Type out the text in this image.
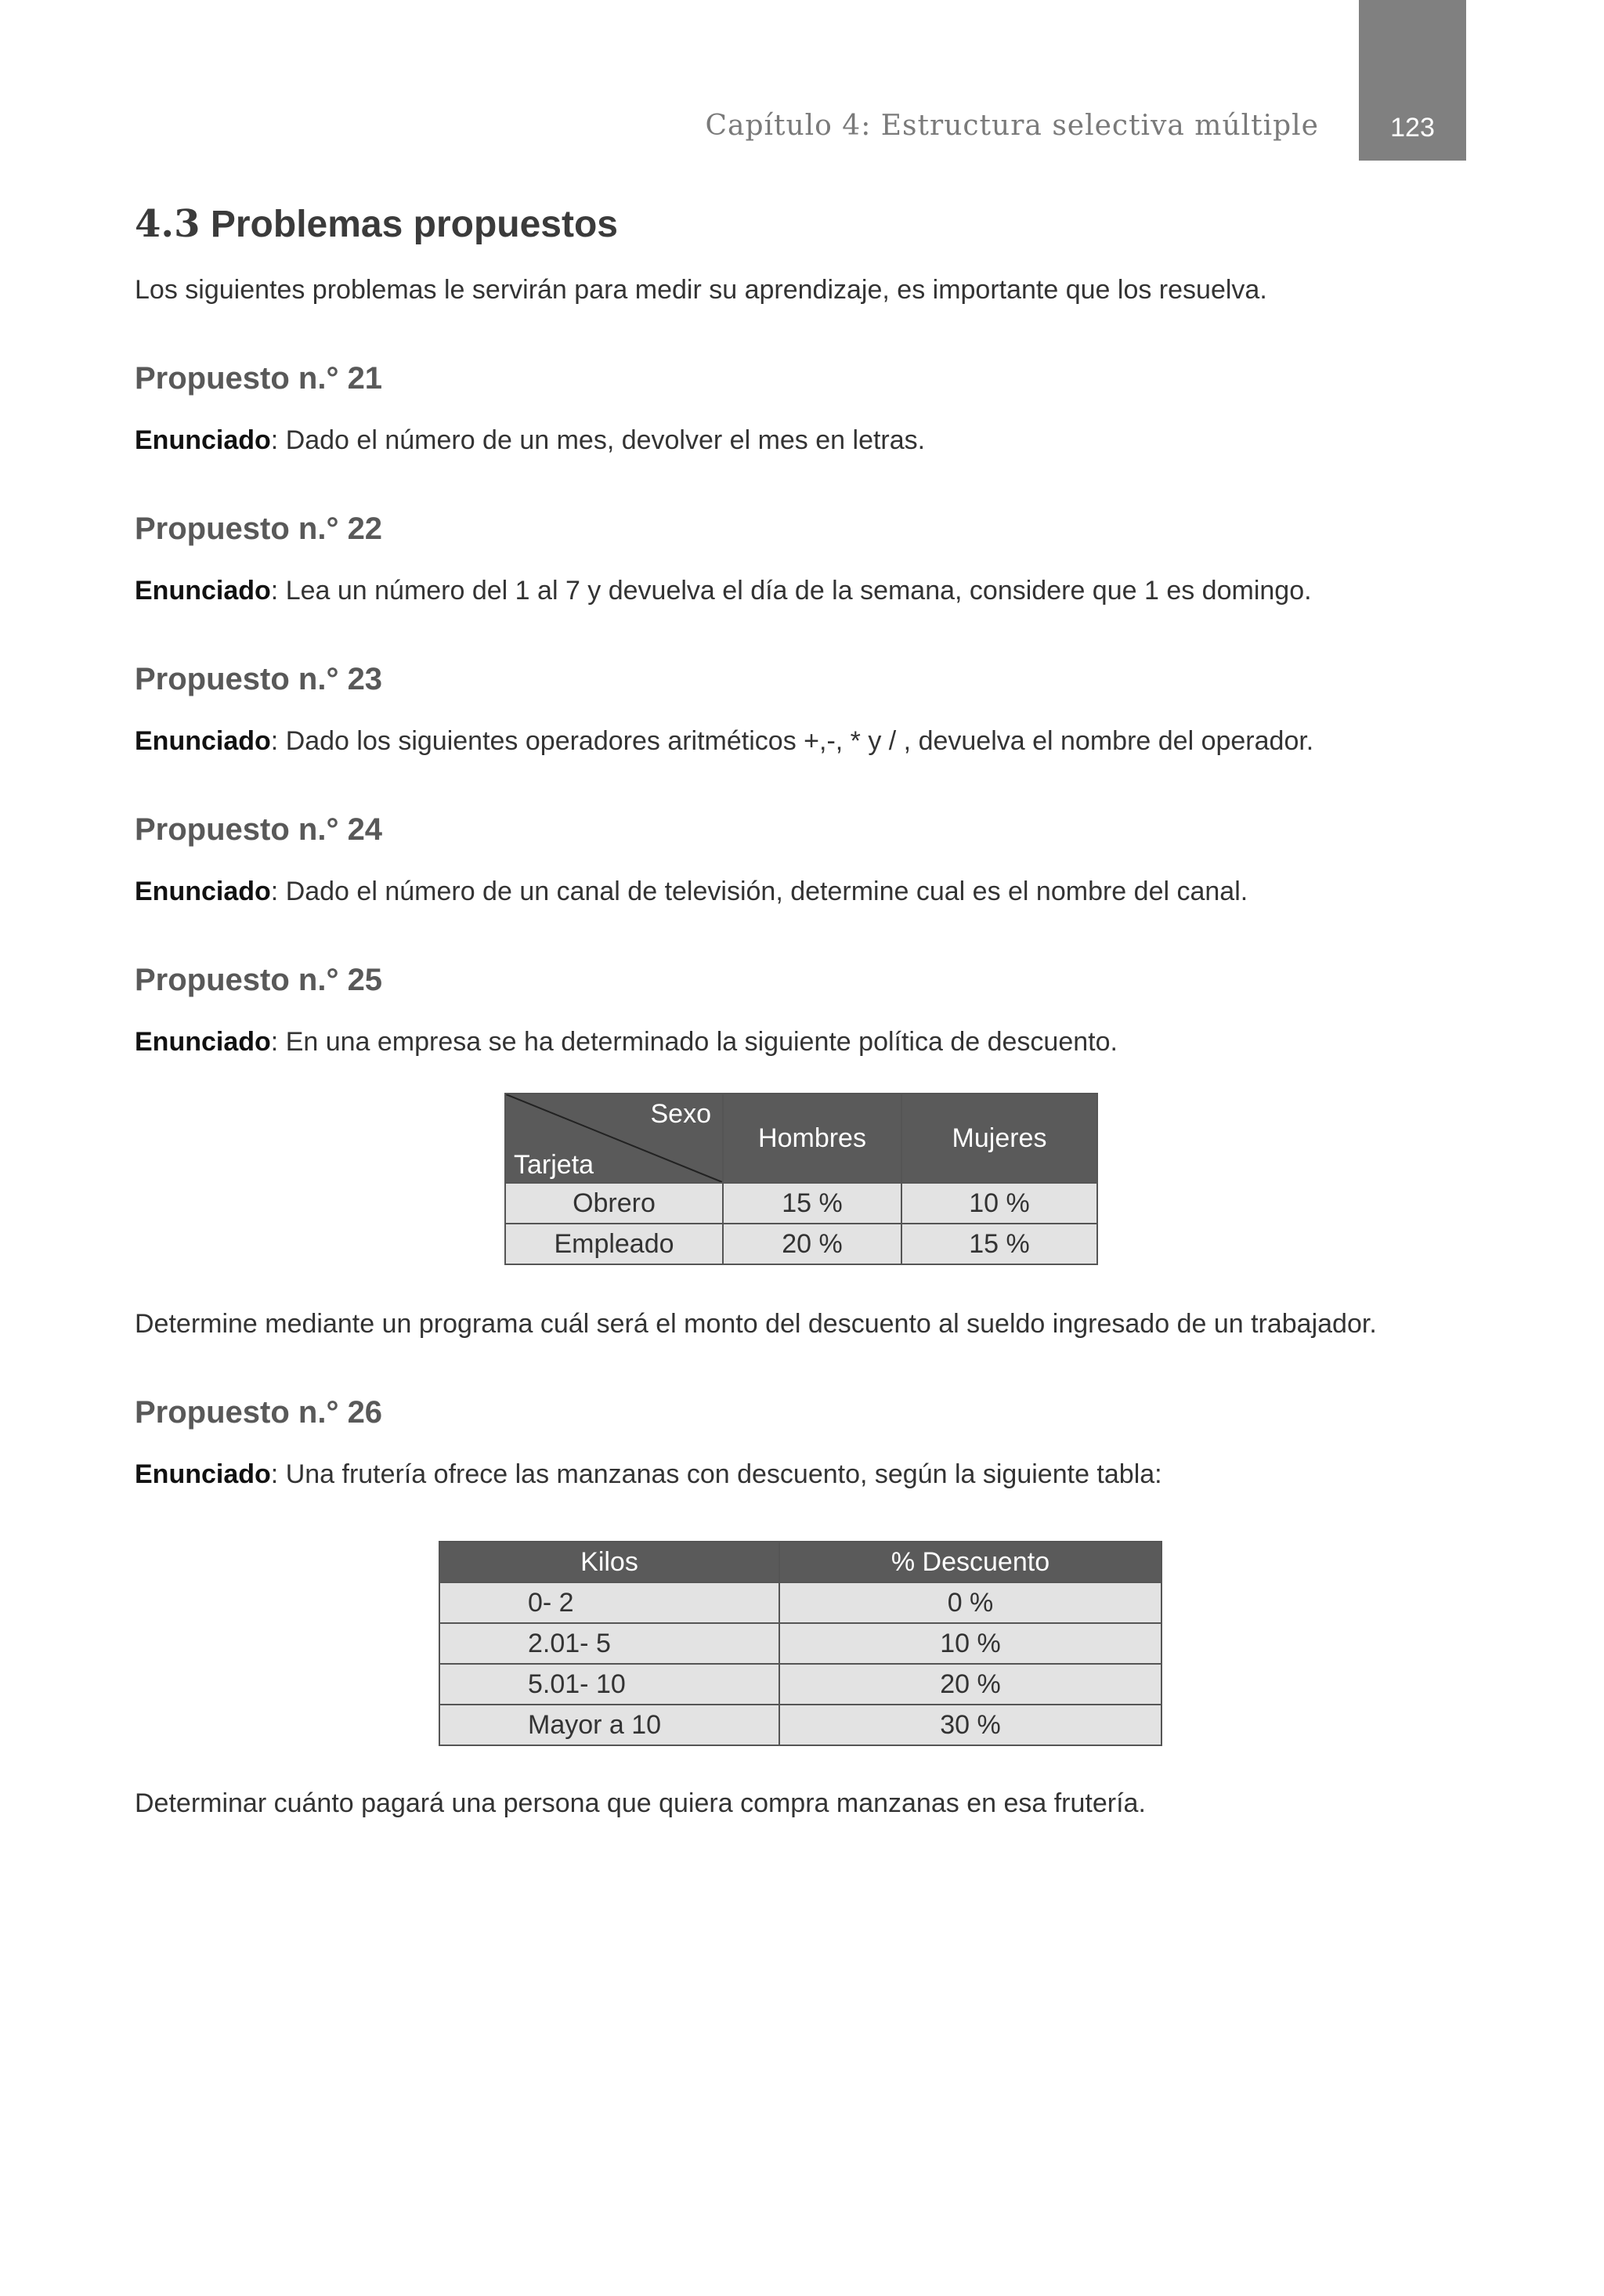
Capítulo 4: Estructura selectiva múltiple	123
4.3 Problemas propuestos

Los siguientes problemas le servirán para medir su aprendizaje, es importante que los resuelva.

Propuesto n.° 21

Enunciado: Dado el número de un mes, devolver el mes en letras.

Propuesto n.° 22

Enunciado: Lea un número del 1 al 7 y devuelva el día de la semana, considere que 1 es domingo.

Propuesto n.° 23

Enunciado: Dado los siguientes operadores aritméticos +,-, * y / , devuelva el nombre del operador.

Propuesto n.° 24

Enunciado: Dado el número de un canal de televisión, determine cual es el nombre del canal.

Propuesto n.° 25

Enunciado: En una empresa se ha determinado la siguiente política de descuento.

Sexo
Tarjeta	Hombres	Mujeres
Obrero	15 %	10 %
Empleado	20 %	15 %

Determine mediante un programa cuál será el monto del descuento al sueldo ingresado de un trabajador.

Propuesto n.° 26

Enunciado: Una frutería ofrece las manzanas con descuento, según la siguiente tabla:

Kilos	% Descuento
0- 2	0 %
2.01- 5	10 %
5.01- 10	20 %
Mayor a 10	30 %

Determinar cuánto pagará una persona que quiera compra manzanas en esa frutería.
